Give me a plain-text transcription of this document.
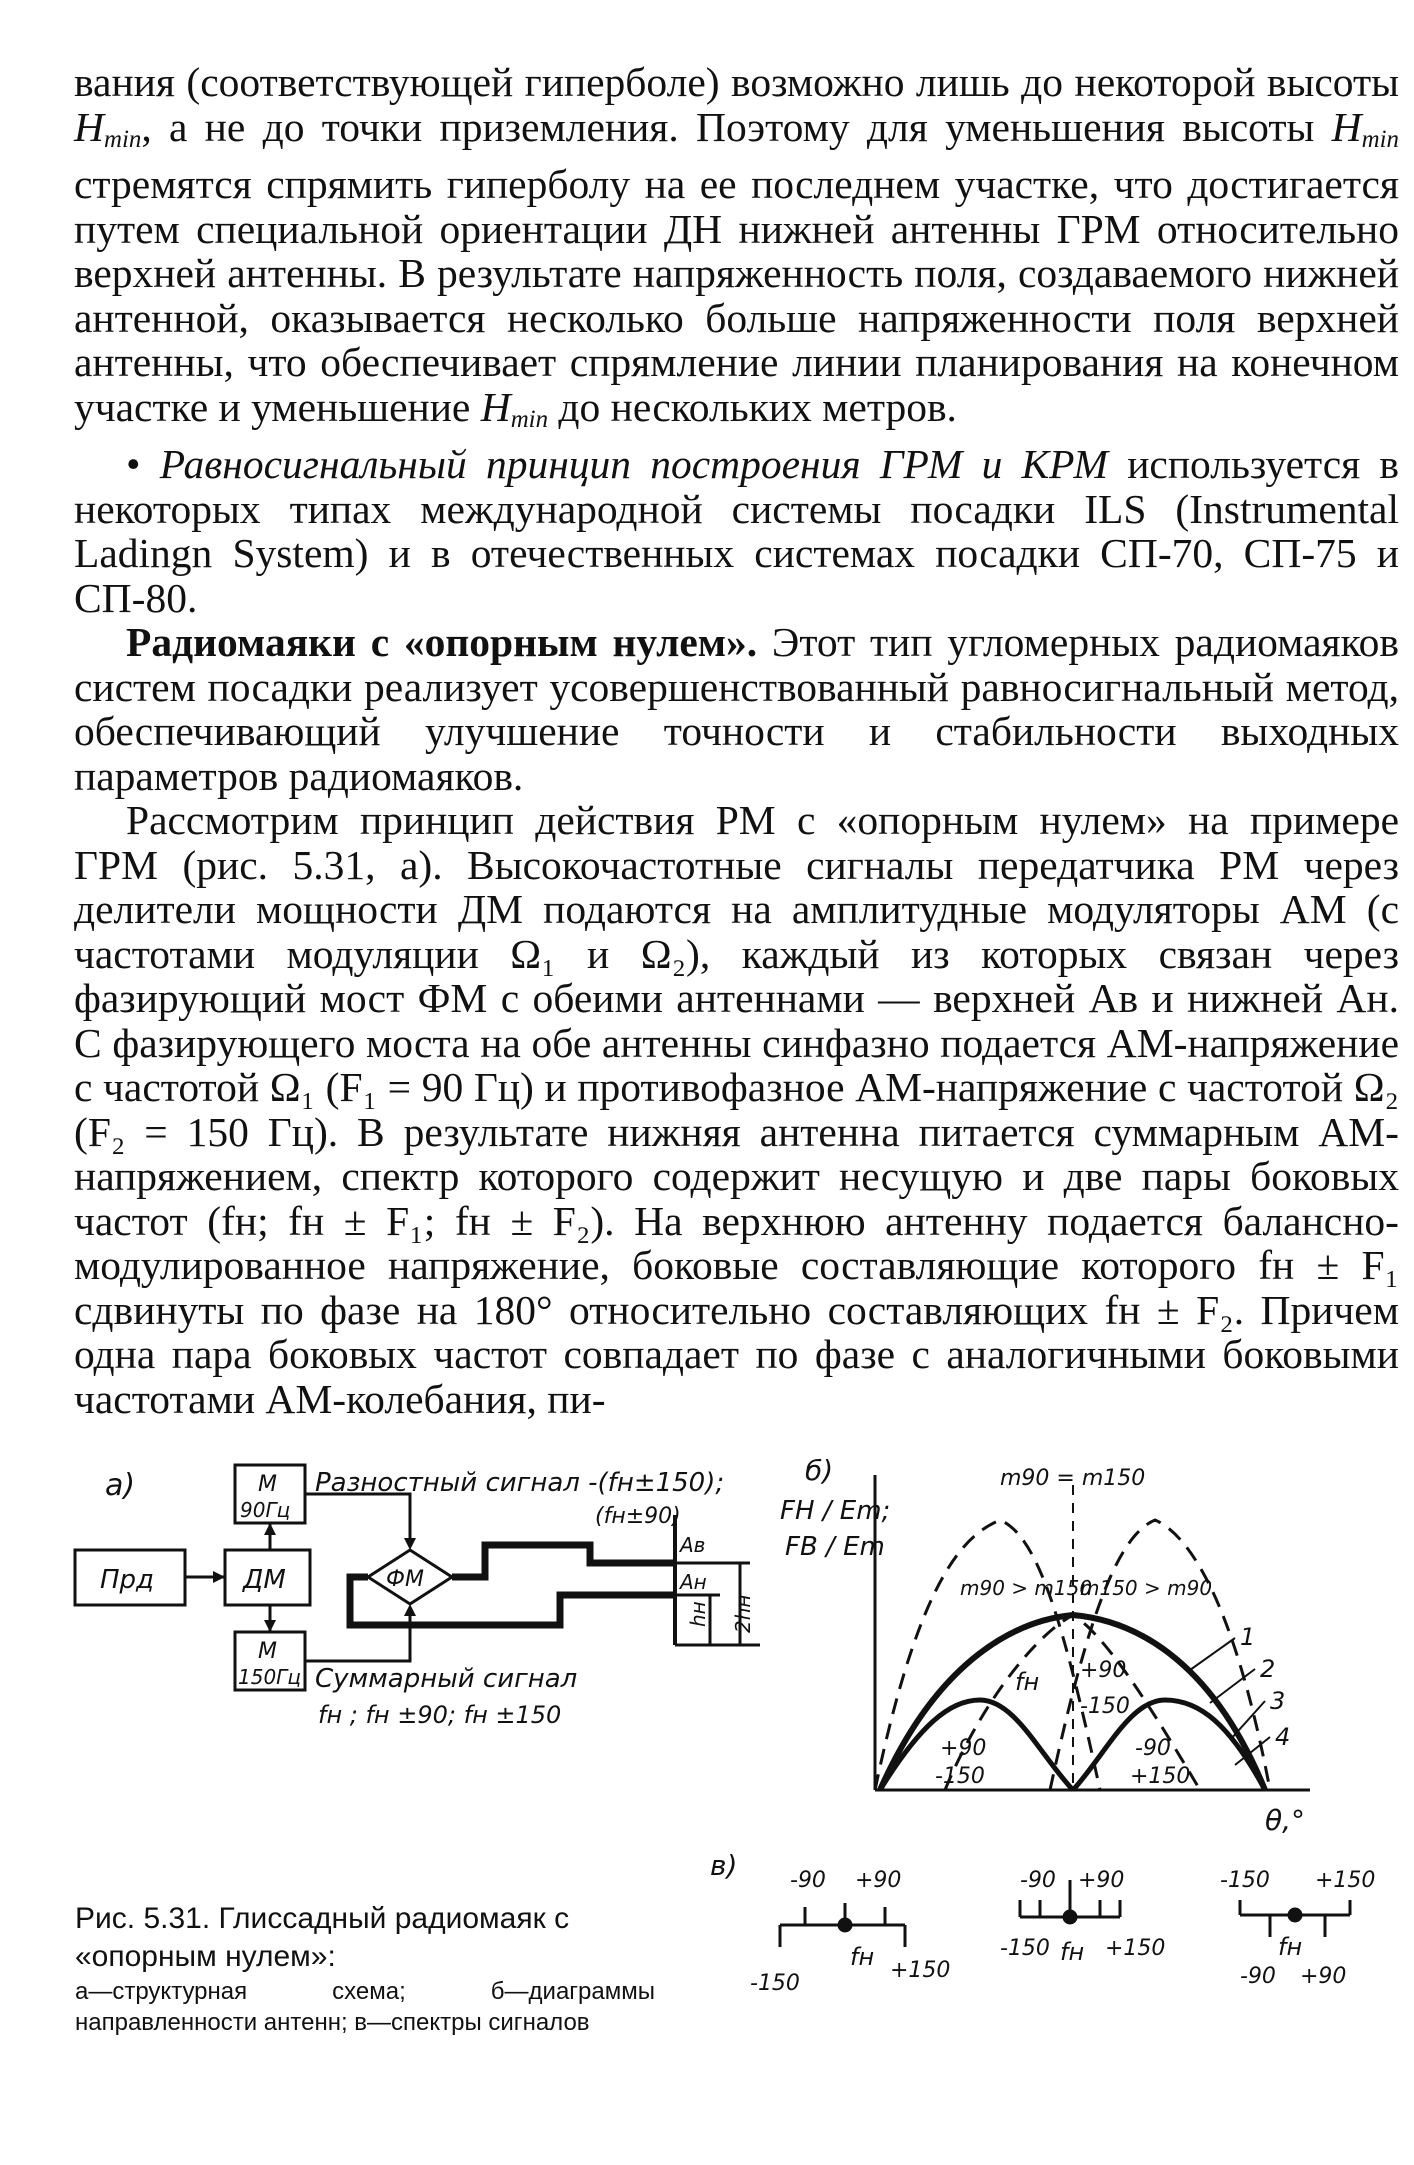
вания (соответствующей гиперболе) возможно лишь до некоторой высоты $H_{min}$, а не до точки приземления. Поэтому для уменьшения высоты $H_{min}$ стремятся спрямить гиперболу на ее последнем участке, что достигается путем специальной ориентации ДН нижней антенны ГРМ относительно верхней антенны. В результате напряженность поля, создаваемого нижней антенной, оказывается несколько больше напряженности поля верхней антенны, что обеспечивает спрямление линии планирования на конечном участке и уменьшение $H_{min}$ до нескольких метров.

• Равносигнальный принцип построения ГРМ и КРМ используется в некоторых типах международной системы посадки ILS (Instrumental Ladingn System) и в отечественных системах посадки СП-70, СП-75 и СП-80.

Радиомаяки с «опорным нулем». Этот тип угломерных радиомаяков систем посадки реализует усовершенствованный равносигнальный метод, обеспечивающий улучшение точности и стабильности выходных параметров радиомаяков.

Рассмотрим принцип действия РМ с «опорным нулем» на примере ГРМ (рис. 5.31, а). Высокочастотные сигналы передатчика РМ через делители мощности ДМ подаются на амплитудные модуляторы АМ (с частотами модуляции Ω₁ и Ω₂), каждый из которых связан через фазирующий мост ФМ с обеими антеннами — верхней Aв и нижней Aн. С фазирующего моста на обе антенны синфазно подается АМ-напряжение с частотой Ω₁ (F₁ = 90 Гц) и противофазное АМ-напряжение с частотой Ω₂ (F₂ = 150 Гц). В результате нижняя антенна питается суммарным АМ-напряжением, спектр которого содержит несущую и две пары боковых частот (fн; fн ± F₁; fн ± F₂). На верхнюю антенну подается балансно-модулированное напряжение, боковые составляющие которого fн ± F₁ сдвинуты по фазе на 180° относительно составляющих fн ± F₂. Причем одна пара боковых частот совпадает по фазе с аналогичными боковыми частотами АМ-колебания, пи-

а)
Прд	ДМ
М
90Гц
М
150Гц
ФМ
Aв
Aн
hн 2hн
Разностный сигнал -(fн±150);
(fн±90)
Суммарный сигнал
fн ; fн ±90; fн ±150
б)
FН / Em;
FВ / Em
θ,°
m90 = m150
m90 > m150
m150 > m90
fн +90
-150
+90
-150
-90
+150
1
2
3
4
в) -90 +90
fн
-150
+150
-90 +90
fн
-150	+150
-150 +150
fн
-90 +90

Рис. 5.31. Глиссадный радиомаяк с «опорным нулем»:

а—структурная схема; б—диаграммы направленности антенн; в—спектры сигналов
